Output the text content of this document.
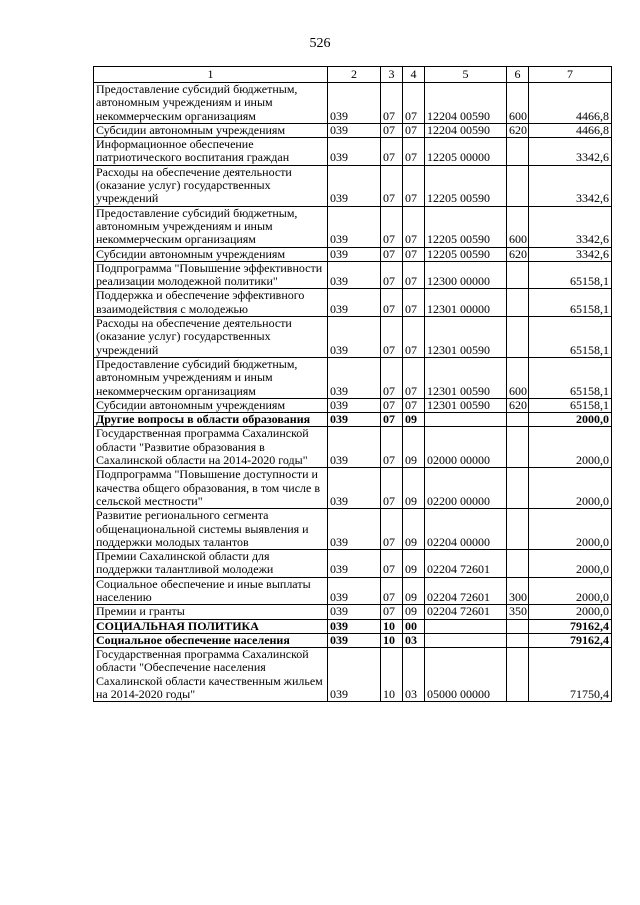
526
1	2	3	4	5	6	7
Предоставление субсидий бюджетным, автономным учреждениям и иным некоммерческим организациям	039	07	07	12204 00590	600	4466,8
Субсидии автономным учреждениям	039	07	07	12204 00590	620	4466,8
Информационное обеспечение патриотического воспитания граждан	039	07	07	12205 00000		3342,6
Расходы на обеспечение деятельности (оказание услуг) государственных учреждений	039	07	07	12205 00590		3342,6
Предоставление субсидий бюджетным, автономным учреждениям и иным некоммерческим организациям	039	07	07	12205 00590	600	3342,6
Субсидии автономным учреждениям	039	07	07	12205 00590	620	3342,6
Подпрограмма "Повышение эффективности реализации молодежной политики"	039	07	07	12300 00000		65158,1
Поддержка и обеспечение эффективного взаимодействия с молодежью	039	07	07	12301 00000		65158,1
Расходы на обеспечение деятельности (оказание услуг) государственных учреждений	039	07	07	12301 00590		65158,1
Предоставление субсидий бюджетным, автономным учреждениям и иным некоммерческим организациям	039	07	07	12301 00590	600	65158,1
Субсидии автономным учреждениям	039	07	07	12301 00590	620	65158,1
Другие вопросы в области образования	039	07	09			2000,0
Государственная программа Сахалинской области "Развитие образования в Сахалинской области на 2014-2020 годы"	039	07	09	02000 00000		2000,0
Подпрограмма "Повышение доступности и качества общего образования, в том числе в сельской местности"	039	07	09	02200 00000		2000,0
Развитие регионального сегмента общенациональной системы выявления и поддержки молодых талантов	039	07	09	02204 00000		2000,0
Премии Сахалинской области для поддержки талантливой молодежи	039	07	09	02204 72601		2000,0
Социальное обеспечение и иные выплаты населению	039	07	09	02204 72601	300	2000,0
Премии и гранты	039	07	09	02204 72601	350	2000,0
СОЦИАЛЬНАЯ ПОЛИТИКА	039	10	00			79162,4
Социальное обеспечение населения	039	10	03			79162,4
Государственная программа Сахалинской области "Обеспечение населения Сахалинской области качественным жильем на 2014-2020 годы"	039	10	03	05000 00000		71750,4
